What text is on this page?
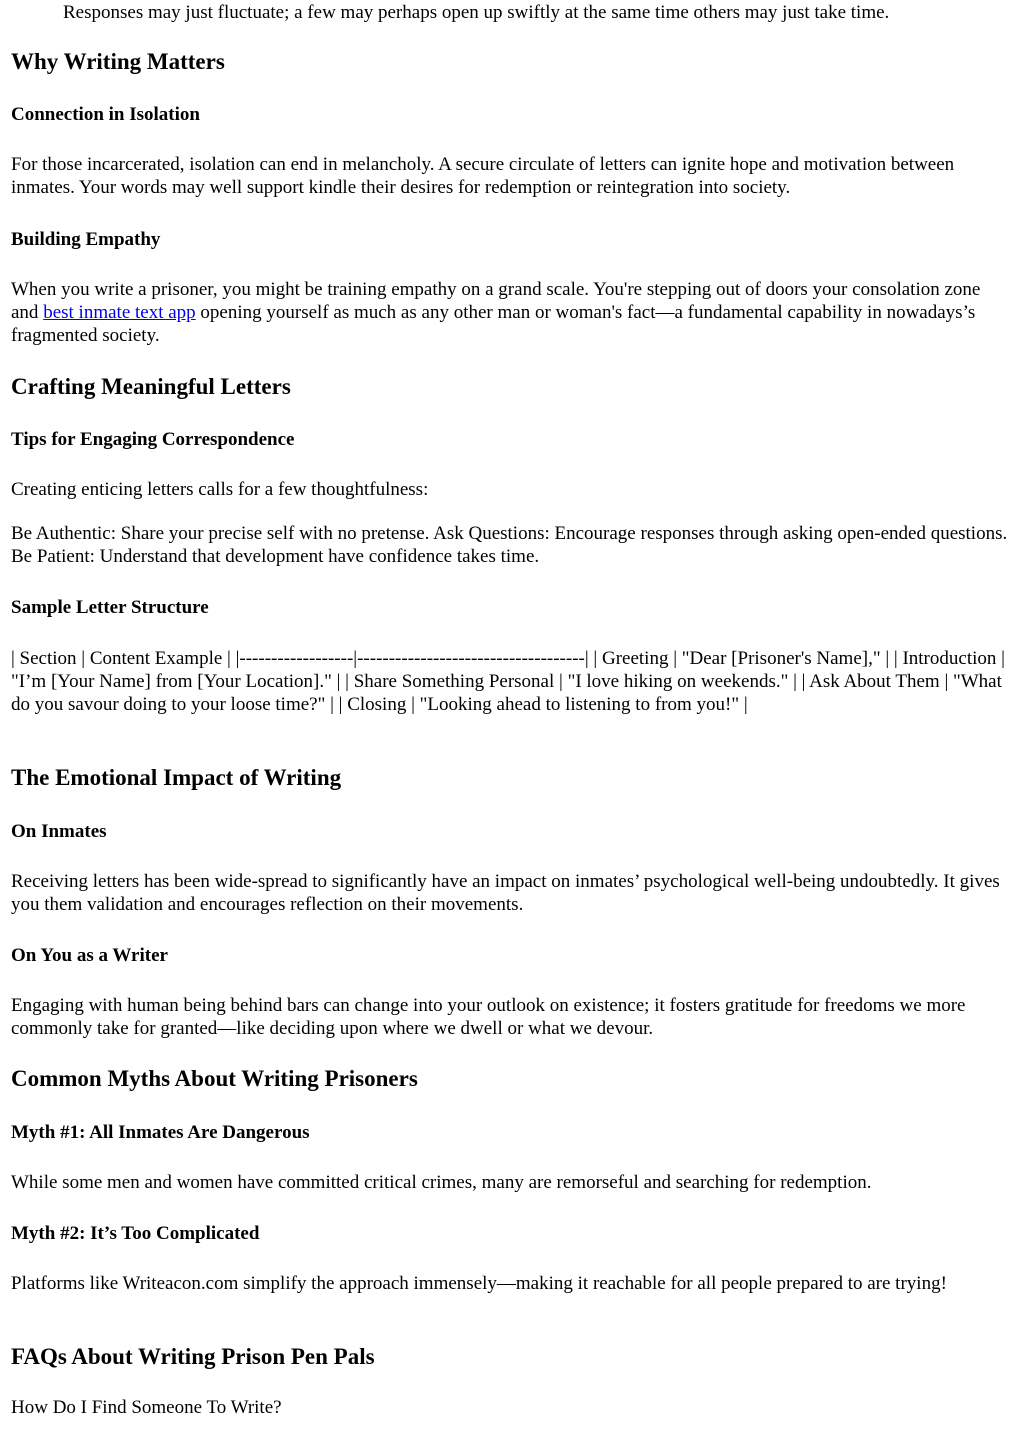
Responses may just fluctuate; a few may perhaps open up swiftly at the same time others may just take time.

Why Writing Matters
Connection in Isolation

For those incarcerated, isolation can end in melancholy. A secure circulate of letters can ignite hope and motivation between inmates. Your words may well support kindle their desires for redemption or reintegration into society.

Building Empathy

When you write a prisoner, you might be training empathy on a grand scale. You're stepping out of doors your consolation zone and best inmate text app opening yourself as much as any other man or woman's fact—a fundamental capability in nowadays’s fragmented society.

Crafting Meaningful Letters
Tips for Engaging Correspondence

Creating enticing letters calls for a few thoughtfulness:

Be Authentic: Share your precise self with no pretense. Ask Questions: Encourage responses through asking open-ended questions. Be Patient: Understand that development have confidence takes time.

Sample Letter Structure

| Section | Content Example | |------------------|------------------------------------| | Greeting | "Dear [Prisoner's Name]," | | Introduction | "I’m [Your Name] from [Your Location]." | | Share Something Personal | "I love hiking on weekends." | | Ask About Them | "What do you savour doing to your loose time?" | | Closing | "Looking ahead to listening to from you!" |

The Emotional Impact of Writing
On Inmates

Receiving letters has been wide-spread to significantly have an impact on inmates’ psychological well-being undoubtedly. It gives you them validation and encourages reflection on their movements.

On You as a Writer

Engaging with human being behind bars can change into your outlook on existence; it fosters gratitude for freedoms we more commonly take for granted—like deciding upon where we dwell or what we devour.

Common Myths About Writing Prisoners
Myth #1: All Inmates Are Dangerous

While some men and women have committed critical crimes, many are remorseful and searching for redemption.

Myth #2: It’s Too Complicated

Platforms like Writeacon.com simplify the approach immensely—making it reachable for all people prepared to are trying!

FAQs About Writing Prison Pen Pals

How Do I Find Someone To Write?
